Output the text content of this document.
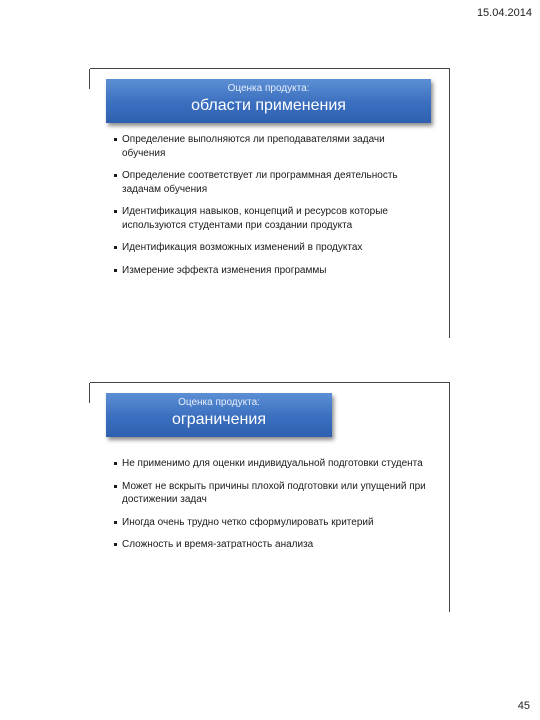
15.04.2014
Оценка продукта:
области применения
Определение выполняются ли преподавателями задачи обучения
Определение соответствует ли программная деятельность задачам обучения
Идентификация навыков, концепций и ресурсов которые используются студентами при создании продукта
Идентификация возможных изменений в продуктах
Измерение эффекта изменения программы
Оценка продукта:
ограничения
Не применимо для оценки индивидуальной подготовки студента
Может не вскрыть причины плохой подготовки или упущений при достижении задач
Иногда очень трудно четко сформулировать критерий
Сложность и время-затратность анализа
45
